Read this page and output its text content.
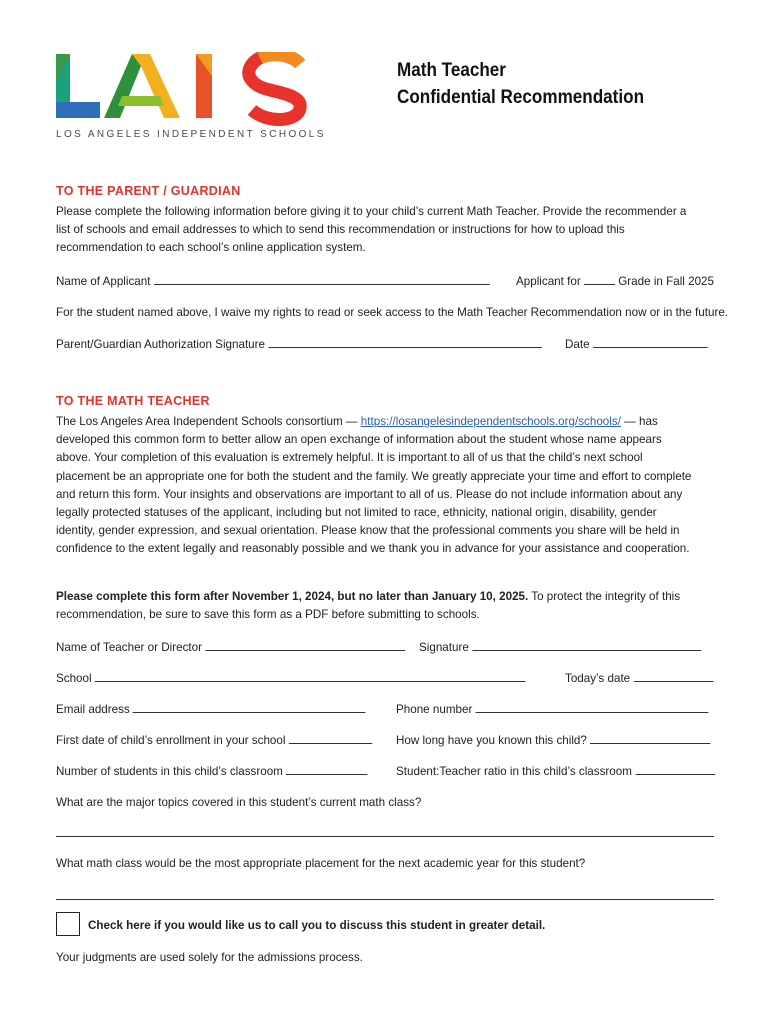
LOS ANGELES INDEPENDENT SCHOOLS
Math Teacher
Confidential Recommendation
TO THE PARENT / GUARDIAN
Please complete the following information before giving it to your child’s current Math Teacher. Provide the recommender a list of schools and email addresses to which to send this recommendation or instructions for how to upload this recommendation to each school’s online application system.
Name of Applicant	Applicant for	Grade in Fall 2025
For the student named above, I waive my rights to read or seek access to the Math Teacher Recommendation now or in the future.
Parent/Guardian Authorization Signature	Date
TO THE MATH TEACHER
The Los Angeles Area Independent Schools consortium — https://losangelesindependentschools.org/schools/ — has developed this common form to better allow an open exchange of information about the student whose name appears above. Your completion of this evaluation is extremely helpful. It is important to all of us that the child’s next school placement be an appropriate one for both the student and the family. We greatly appreciate your time and effort to complete and return this form. Your insights and observations are important to all of us. Please do not include information about any legally protected statuses of the applicant, including but not limited to race, ethnicity, national origin, disability, gender identity, gender expression, and sexual orientation. Please know that the professional comments you share will be held in confidence to the extent legally and reasonably possible and we thank you in advance for your assistance and cooperation.
Please complete this form after November 1, 2024, but no later than January 10, 2025. To protect the integrity of this recommendation, be sure to save this form as a PDF before submitting to schools.
Name of Teacher or Director	Signature
School	Today’s date
Email address	Phone number
First date of child’s enrollment in your school	How long have you known this child?
Number of students in this child’s classroom	Student:Teacher ratio in this child’s classroom
What are the major topics covered in this student’s current math class?
What math class would be the most appropriate placement for the next academic year for this student?
Check here if you would like us to call you to discuss this student in greater detail.
Your judgments are used solely for the admissions process.
